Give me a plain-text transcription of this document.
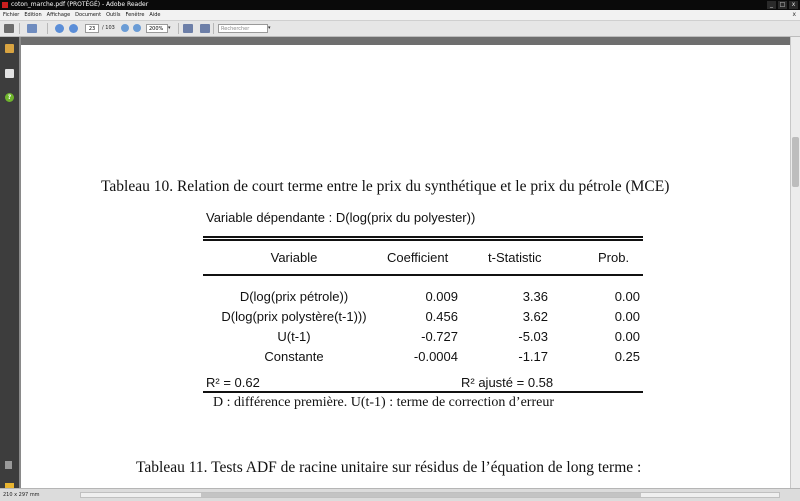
coton_marche.pdf (PROTÉGÉ) - Adobe Reader	_	□	x
Fichier Edition Affichage Document Outils Fenêtre Aide	x
23	/ 103	200% ▾	Rechercher	▾
?
Tableau 10. Relation de court terme entre le prix du synthétique et le prix du pétrole (MCE)
Variable dépendante : D(log(prix du polyester))
Variable	Coefficient	t-Statistic	Prob.
D(log(prix pétrole))	0.009	3.36	0.00
D(log(prix polystère(t-1)))	0.456	3.62	0.00
U(t-1)	-0.727	-5.03	0.00
Constante	-0.0004	-1.17	0.25
R² = 0.62	R² ajusté = 0.58
D : différence première. U(t-1) : terme de correction d’erreur
Tableau 11. Tests ADF de racine unitaire sur résidus de l’équation de long terme :
210 x 297 mm
